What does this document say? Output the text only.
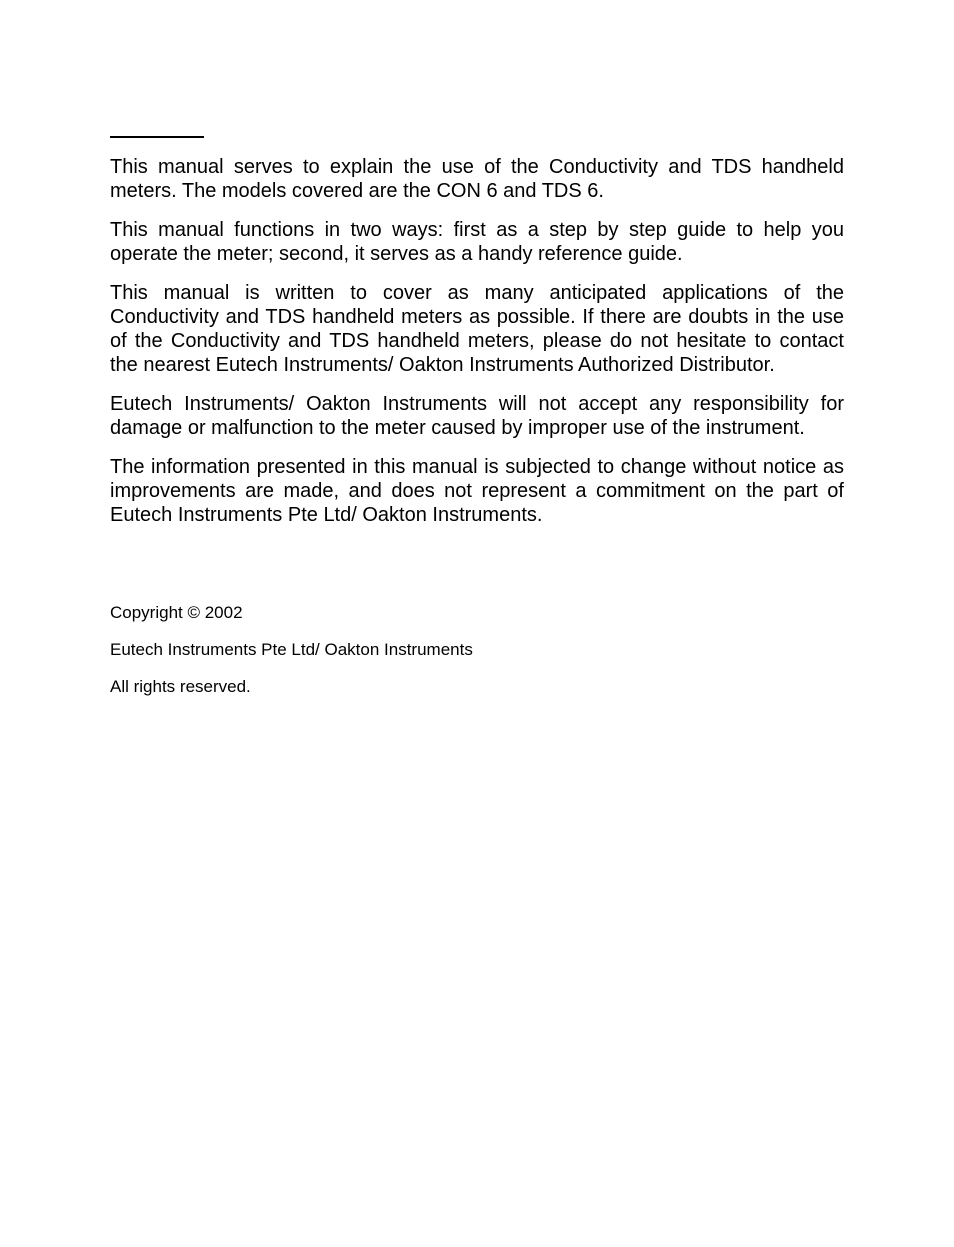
This manual serves to explain the use of the Conductivity and TDS handheld meters. The models covered are the CON 6 and TDS 6.

This manual functions in two ways: first as a step by step guide to help you operate the meter; second, it serves as a handy reference guide.

This manual is written to cover as many anticipated applications of the Conductivity and TDS handheld meters as possible. If there are doubts in the use of the Conductivity and TDS handheld meters, please do not hesitate to contact the nearest Eutech Instruments/ Oakton Instruments Authorized Distributor.

Eutech Instruments/ Oakton Instruments will not accept any responsibility for damage or malfunction to the meter caused by improper use of the instrument.

The information presented in this manual is subjected to change without notice as improvements are made, and does not represent a commitment on the part of Eutech Instruments Pte Ltd/ Oakton Instruments.

Copyright © 2002

Eutech Instruments Pte Ltd/ Oakton Instruments

All rights reserved.
